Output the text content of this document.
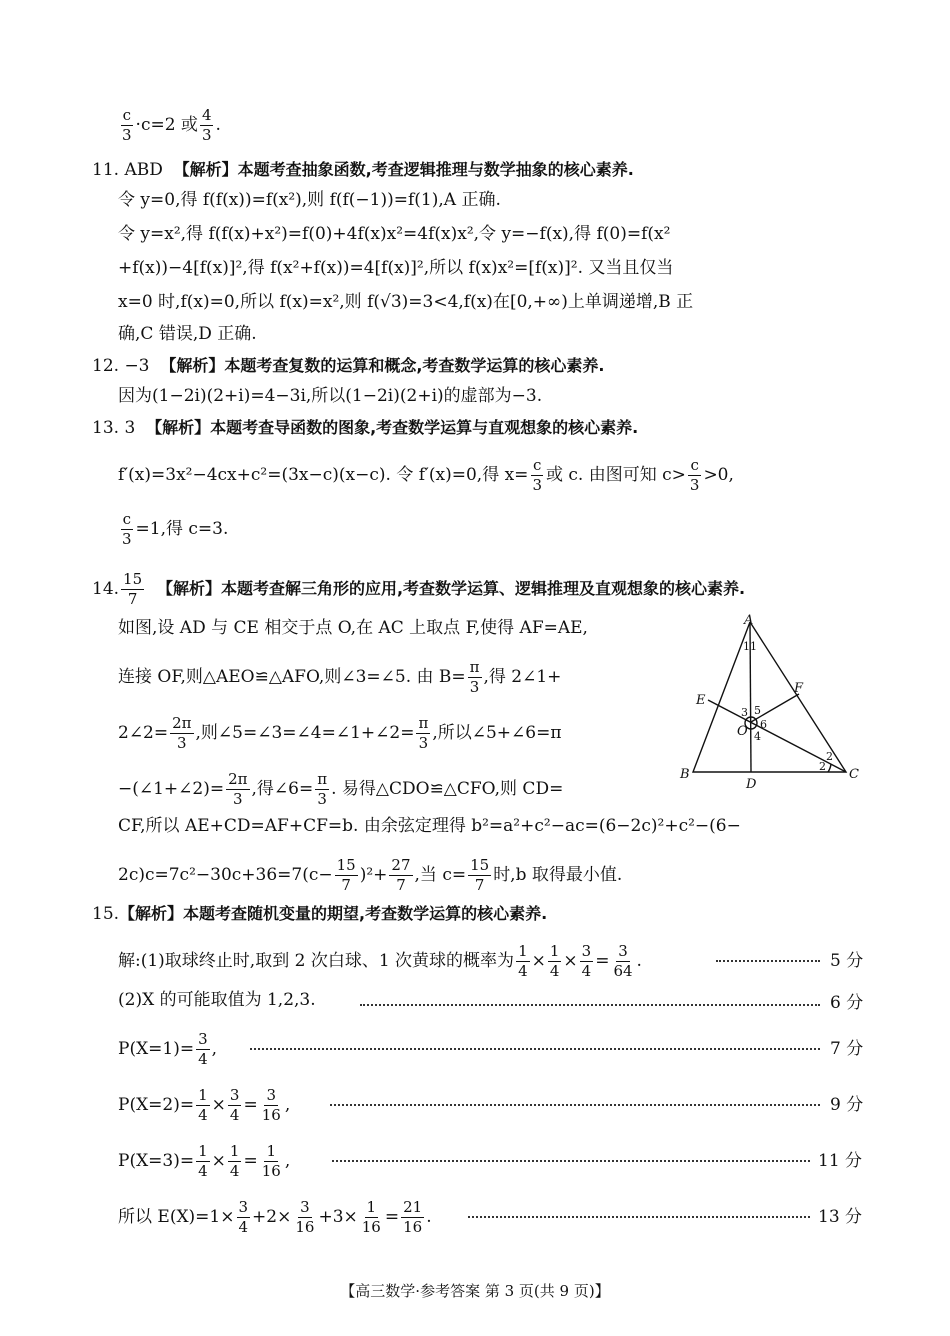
$\frac{c}{3} \cdot c=2$ 或 $\frac{4}{3}$ .
11. ABD 【解析】本题考查抽象函数,考查逻辑推理与数学抽象的核心素养.
令 y=0,得 f(f(x))=f(x²),则 f(f(−1))=f(1),A 正确.
令 y=x²,得 f(f(x)+x²)=f(0)+4f(x)x²=4f(x)x²,令 y=−f(x),得 f(0)=f(x²
+f(x))−4[f(x)]²,得 f(x²+f(x))=4[f(x)]²,所以 f(x)x²=[f(x)]². 又当且仅当
x=0 时,f(x)=0,所以 f(x)=x²,则 f(√3)=3<4,f(x)在[0,+∞)上单调递增,B 正
确,C 错误,D 正确.
12. −3 【解析】本题考查复数的运算和概念,考查数学运算的核心素养.
因为(1−2i)(2+i)=4−3i,所以(1−2i)(2+i)的虚部为−3.
13. 3 【解析】本题考查导函数的图象,考查数学运算与直观想象的核心素养.
f′(x)=3x²−4cx+c²=(3x−c)(x−c). 令 f′(x)=0,得 $x= \frac{c}{3}$ 或 c. 由图可知 $c> \frac{c}{3} >0$,
$\frac{c}{3} =1$,得 c=3.
14. $\frac{15}{7}$ 【解析】本题考查解三角形的应用,考查数学运算、逻辑推理及直观想象的核心素养.
如图,设 AD 与 CE 相交于点 O,在 AC 上取点 F,使得 AF=AE,
连接 OF,则△AEO≌△AFO,则∠3=∠5. 由 $B= \frac{\pi}{3}$ ,得 2∠1+
2∠2= $\frac{2\pi}{3}$ ,则∠5=∠3=∠4=∠1+∠2= $\frac{\pi}{3}$ ,所以∠5+∠6=π
−(∠1+∠2)= $\frac{2\pi}{3}$ ,得∠6= $\frac{\pi}{3}$ . 易得△CDO≌△CFO,则 CD=
CF,所以 AE+CD=AF+CF=b. 由余弦定理得 b²=a²+c²−ac=(6−2c)²+c²−(6−
$2c)c=7c^2-30c+36=7(c- \frac{15}{7} )^2+ \frac{27}{7}$ ,当 $c= \frac{15}{7}$ 时,b 取得最小值.
A
B	C
D
E
F
O
1 1
3 5
6
4
2
2
15.【解析】本题考查随机变量的期望,考查数学运算的核心素养.
解:(1)取球终止时,取到 2 次白球、1 次黄球的概率为 $\frac{1}{4} \times \frac{1}{4} \times \frac{3}{4} = \frac{3}{64}$ .	5 分
(2)X 的可能取值为 1,2,3.	6 分
$P(X=1)= \frac{3}{4}$ ,	7 分
$P(X=2)= \frac{1}{4} \times \frac{3}{4} = \frac{3}{16}$ ,	9 分
$P(X=3)= \frac{1}{4} \times \frac{1}{4} = \frac{1}{16}$ ,	11 分
所以 $E(X)=1\times \frac{3}{4} +2\times \frac{3}{16} +3\times \frac{1}{16} = \frac{21}{16}$ .	13 分
【高三数学·参考答案 第 3 页(共 9 页)】
